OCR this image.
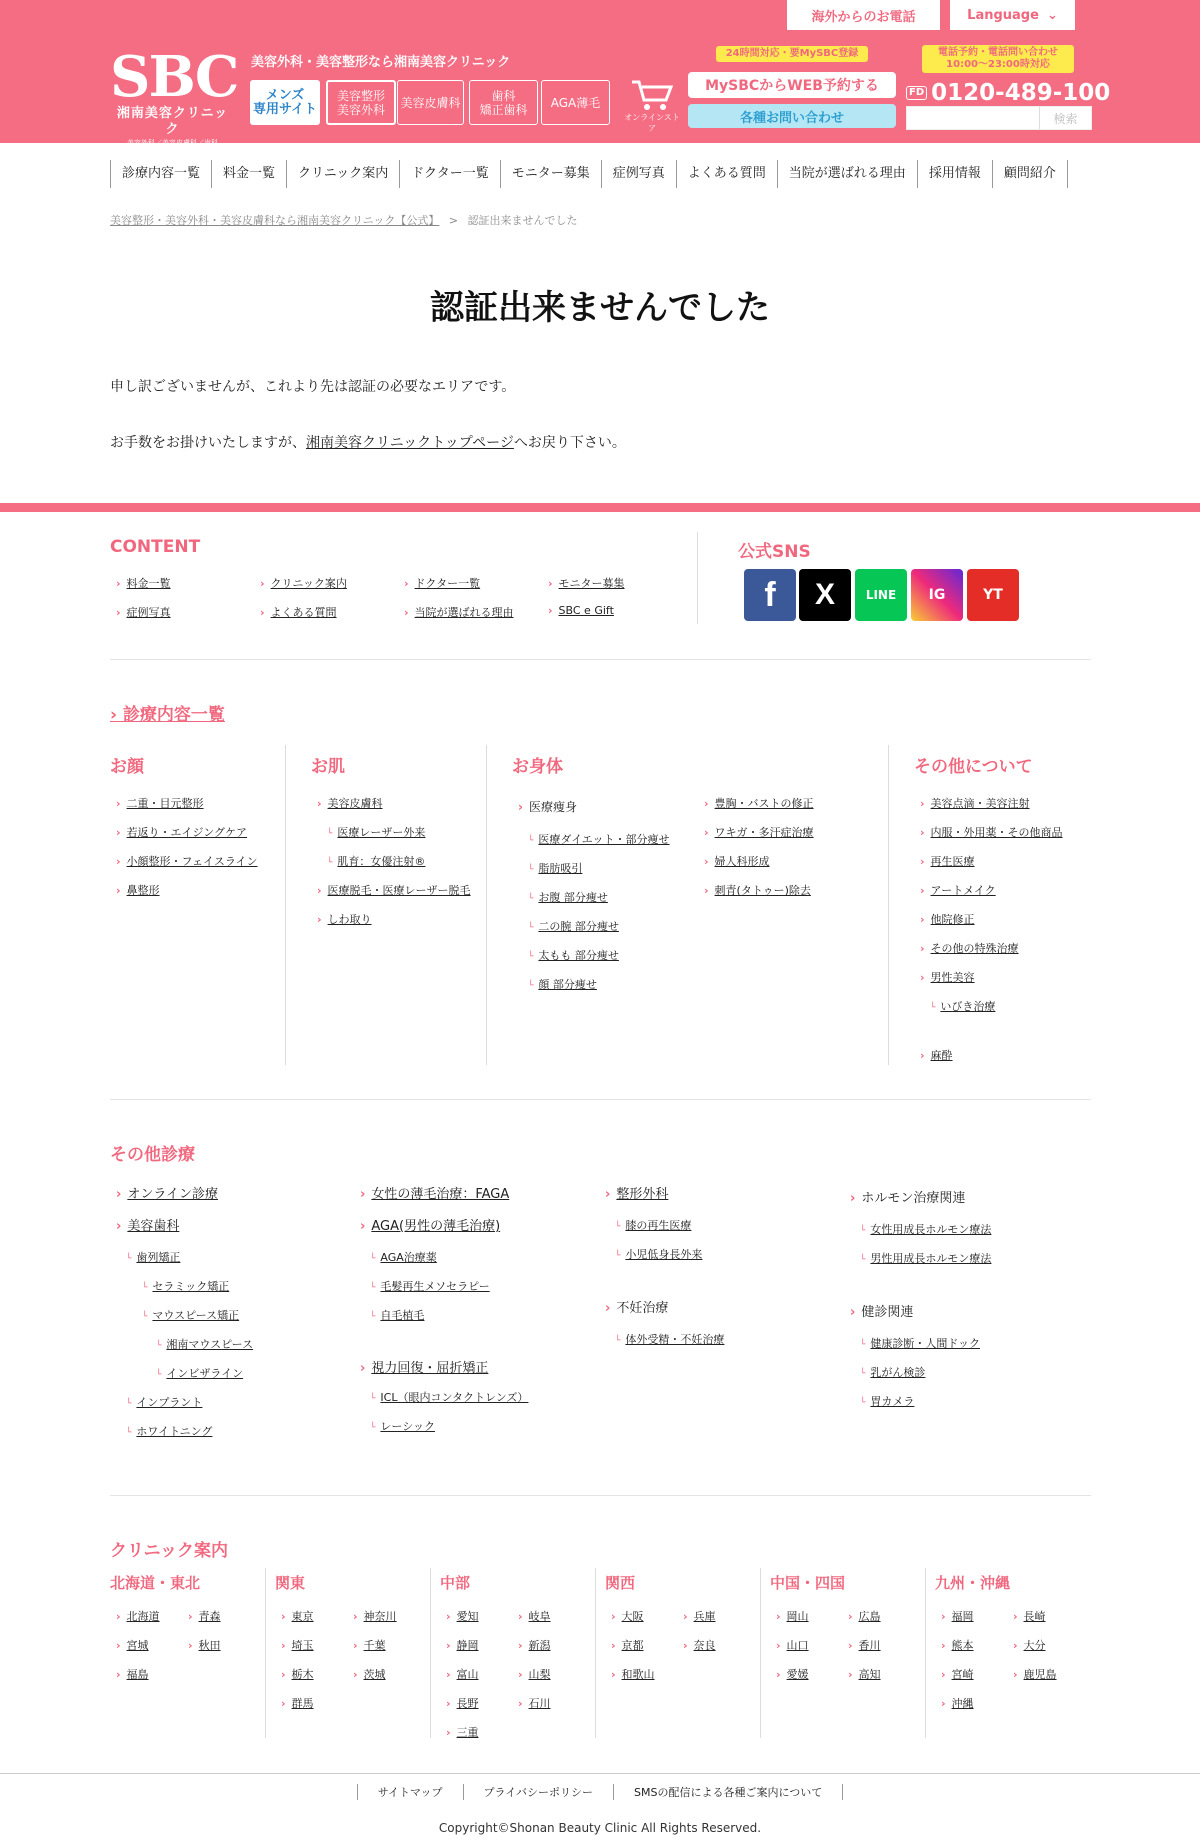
海外からのお電話	Language ⌄
SBC
湘南美容クリニック
美容外科／美容皮膚科／歯科
美容外科・美容整形なら湘南美容クリニック
メンズ
専用サイト
美容整形
美容外科	美容皮膚科	歯科
矯正歯科	AGA薄毛
オンラインストア
24時間対応・要MySBC登録
MySBCからWEB予約する
各種お問い合わせ
電話予約・電話問い合わせ
10:00〜23:00時対応
FD 0120-489-100
検索
診療内容一覧	料金一覧	クリニック案内	ドクター一覧	モニター募集	症例写真	よくある質問	当院が選ばれる理由	採用情報	顧問紹介
美容整形・美容外科・美容皮膚科なら湘南美容クリニック【公式】 > 認証出来ませんでした
認証出来ませんでした
申し訳ございませんが、これより先は認証の必要なエリアです。
お手数をお掛けいたしますが、湘南美容クリニックトップページへお戻り下さい。
CONTENT
› 料金一覧	› クリニック案内	› ドクター一覧	› モニター募集
› 症例写真	› よくある質問	› 当院が選ばれる理由	› SBC e Gift
公式SNS
f	X	LINE	IG	YT
› 診療内容一覧
お顔
› 二重・目元整形
› 若返り・エイジングケア
› 小顔整形・フェイスライン
› 鼻整形
お肌
› 美容皮膚科
└ 医療レーザー外来
└ 肌育：女優注射®
› 医療脱毛・医療レーザー脱毛
› しわ取り
お身体
› 医療痩身
└ 医療ダイエット・部分痩せ
└ 脂肪吸引
└ お腹 部分痩せ
└ 二の腕 部分痩せ
└ 太もも 部分痩せ
└ 顔 部分痩せ
› 豊胸・バストの修正
› ワキガ・多汗症治療
› 婦人科形成
› 刺青(タトゥー)除去
その他について
› 美容点滴・美容注射
› 内服・外用薬・その他商品
› 再生医療
› アートメイク
› 他院修正
› その他の特殊治療
› 男性美容
└ いびき治療
› 麻酔
その他診療
› オンライン診療
› 美容歯科
└ 歯列矯正
└ セラミック矯正
└ マウスピース矯正
└ 湘南マウスピース
└ インビザライン
└ インプラント
└ ホワイトニング
› 女性の薄毛治療：FAGA
› AGA(男性の薄毛治療)
└ AGA治療薬
└ 毛髪再生メソセラピー
└ 自毛植毛
› 視力回復・屈折矯正
└ ICL（眼内コンタクトレンズ）
└ レーシック
› 整形外科
└ 膝の再生医療
└ 小児低身長外来
› 不妊治療
└ 体外受精・不妊治療
› ホルモン治療関連
└ 女性用成長ホルモン療法
└ 男性用成長ホルモン療法
› 健診関連
└ 健康診断・人間ドック
└ 乳がん検診
└ 胃カメラ
クリニック案内
北海道・東北
› 北海道	› 青森
› 宮城	› 秋田
› 福島
関東
› 東京	› 神奈川
› 埼玉	› 千葉
› 栃木	› 茨城
› 群馬
中部
› 愛知	› 岐阜
› 静岡	› 新潟
› 富山	› 山梨
› 長野	› 石川
› 三重
関西
› 大阪	› 兵庫
› 京都	› 奈良
› 和歌山
中国・四国
› 岡山	› 広島
› 山口	› 香川
› 愛媛	› 高知
九州・沖縄
› 福岡	› 長崎
› 熊本	› 大分
› 宮崎	› 鹿児島
› 沖縄
サイトマップ	プライバシーポリシー	SMSの配信による各種ご案内について
Copyright©Shonan Beauty Clinic All Rights Reserved.
